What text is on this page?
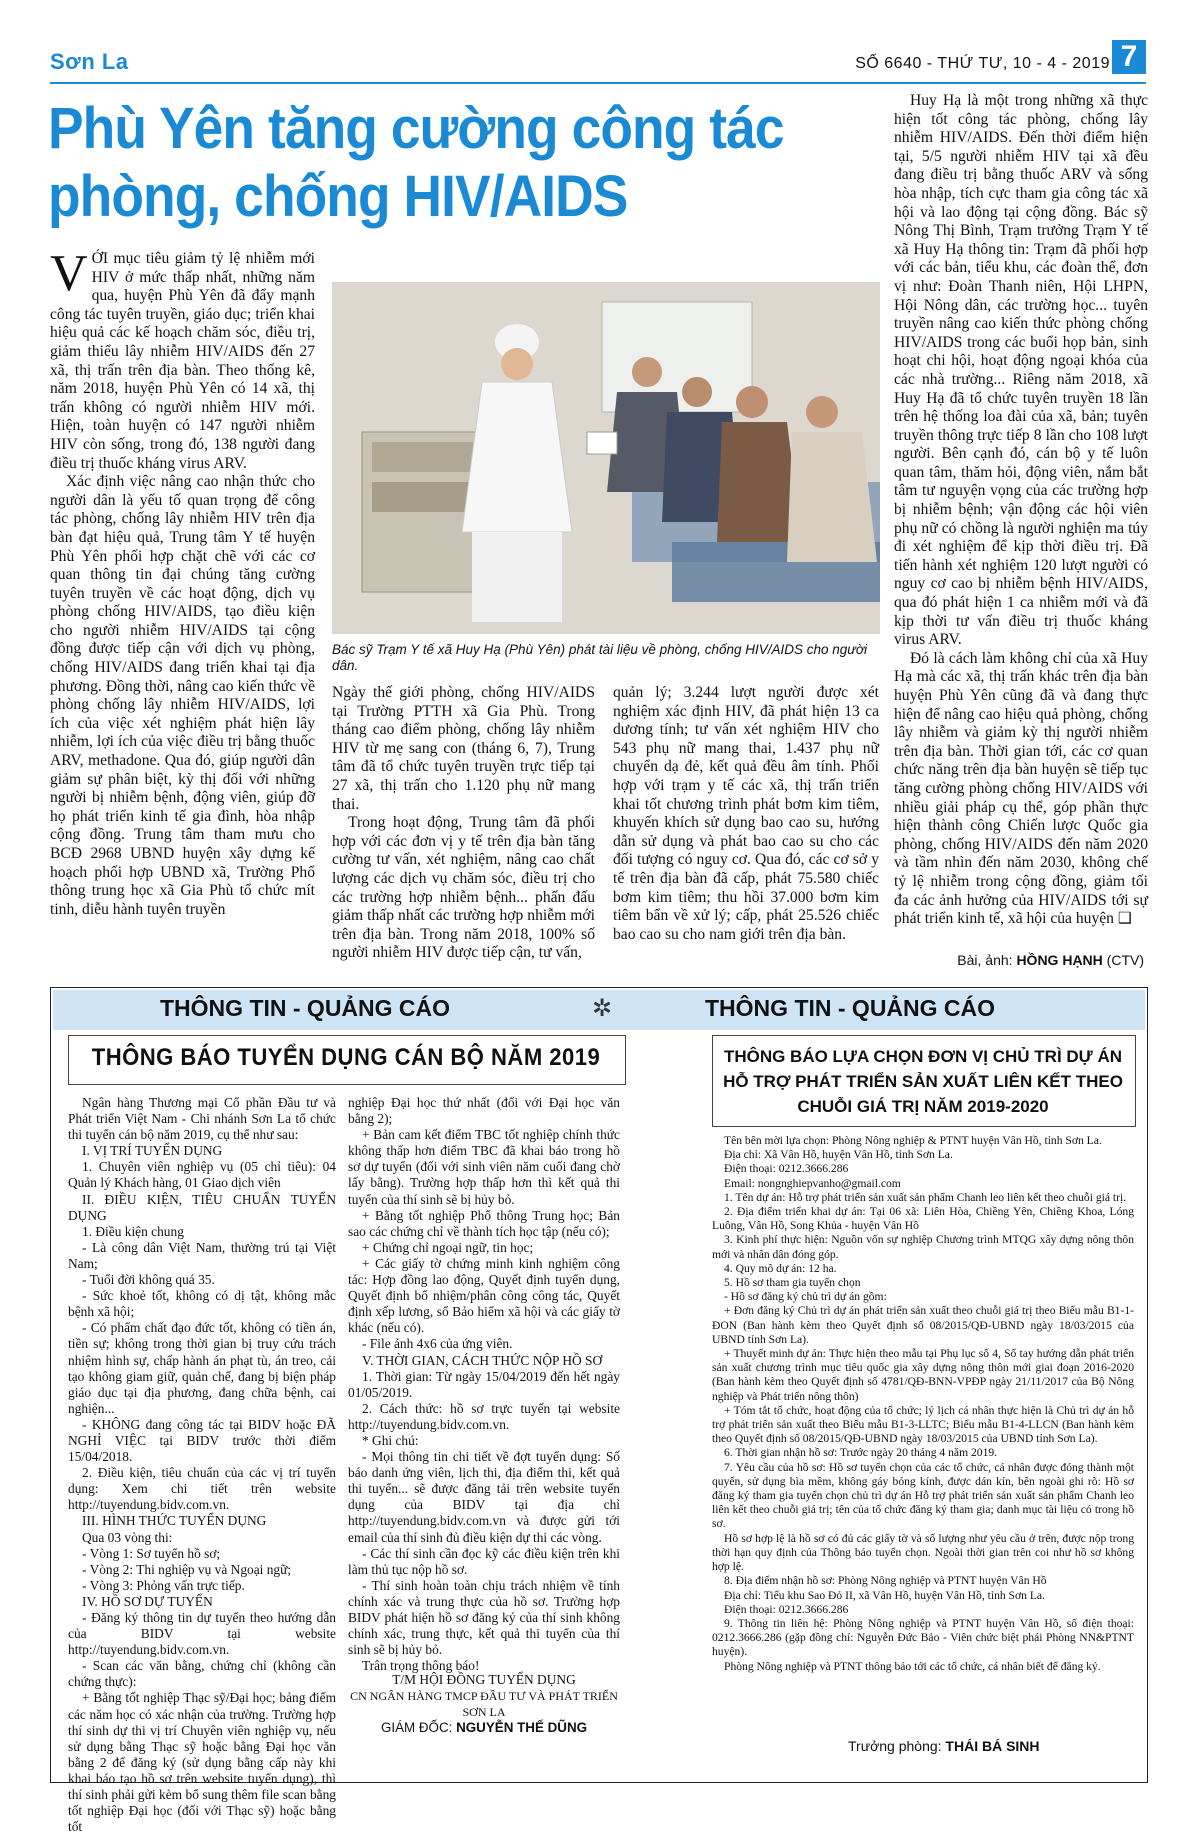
Sơn La	SỐ 6640 - THỨ TƯ, 10 - 4 - 2019 7
Phù Yên tăng cường công tác phòng, chống HIV/AIDS

VỚI mục tiêu giảm tỷ lệ nhiễm mới HIV ở mức thấp nhất, những năm qua, huyện Phù Yên đã đẩy mạnh công tác tuyên truyền, giáo dục; triển khai hiệu quả các kế hoạch chăm sóc, điều trị, giảm thiểu lây nhiễm HIV/AIDS đến 27 xã, thị trấn trên địa bàn. Theo thống kê, năm 2018, huyện Phù Yên có 14 xã, thị trấn không có người nhiễm HIV mới. Hiện, toàn huyện có 147 người nhiễm HIV còn sống, trong đó, 138 người đang điều trị thuốc kháng virus ARV.

Xác định việc nâng cao nhận thức cho người dân là yếu tố quan trọng để công tác phòng, chống lây nhiễm HIV trên địa bàn đạt hiệu quả, Trung tâm Y tế huyện Phù Yên phối hợp chặt chẽ với các cơ quan thông tin đại chúng tăng cường tuyên truyền về các hoạt động, dịch vụ phòng chống HIV/AIDS, tạo điều kiện cho người nhiễm HIV/AIDS tại cộng đồng được tiếp cận với dịch vụ phòng, chống HIV/AIDS đang triển khai tại địa phương. Đồng thời, nâng cao kiến thức về phòng chống lây nhiễm HIV/AIDS, lợi ích của việc xét nghiệm phát hiện lây nhiễm, lợi ích của việc điều trị bằng thuốc ARV, methadone. Qua đó, giúp người dân giảm sự phân biệt, kỳ thị đối với những người bị nhiễm bệnh, động viên, giúp đỡ họ phát triển kinh tế gia đình, hòa nhập cộng đồng. Trung tâm tham mưu cho BCĐ 2968 UBND huyện xây dựng kế hoạch phối hợp UBND xã, Trường Phổ thông trung học xã Gia Phù tổ chức mít tinh, diễu hành tuyên truyền

Bác sỹ Trạm Y tế xã Huy Hạ (Phù Yên) phát tài liệu về phòng, chống HIV/AIDS cho người dân.

Ngày thế giới phòng, chống HIV/AIDS tại Trường PTTH xã Gia Phù. Trong tháng cao điểm phòng, chống lây nhiễm HIV từ mẹ sang con (tháng 6, 7), Trung tâm đã tổ chức tuyên truyền trực tiếp tại 27 xã, thị trấn cho 1.120 phụ nữ mang thai.

Trong hoạt động, Trung tâm đã phối hợp với các đơn vị y tế trên địa bàn tăng cường tư vấn, xét nghiệm, nâng cao chất lượng các dịch vụ chăm sóc, điều trị cho các trường hợp nhiễm bệnh... phấn đấu giảm thấp nhất các trường hợp nhiễm mới trên địa bàn. Trong năm 2018, 100% số người nhiễm HIV được tiếp cận, tư vấn,

quản lý; 3.244 lượt người được xét nghiệm xác định HIV, đã phát hiện 13 ca dương tính; tư vấn xét nghiệm HIV cho 543 phụ nữ mang thai, 1.437 phụ nữ chuyển dạ đẻ, kết quả đều âm tính. Phối hợp với trạm y tế các xã, thị trấn triển khai tốt chương trình phát bơm kim tiêm, khuyến khích sử dụng bao cao su, hướng dẫn sử dụng và phát bao cao su cho các đối tượng có nguy cơ. Qua đó, các cơ sở y tế trên địa bàn đã cấp, phát 75.580 chiếc bơm kim tiêm; thu hồi 37.000 bơm kim tiêm bẩn về xử lý; cấp, phát 25.526 chiếc bao cao su cho nam giới trên địa bàn.

Huy Hạ là một trong những xã thực hiện tốt công tác phòng, chống lây nhiễm HIV/AIDS. Đến thời điểm hiện tại, 5/5 người nhiễm HIV tại xã đều đang điều trị bằng thuốc ARV và sống hòa nhập, tích cực tham gia công tác xã hội và lao động tại cộng đồng. Bác sỹ Nông Thị Bình, Trạm trưởng Trạm Y tế xã Huy Hạ thông tin: Trạm đã phối hợp với các bản, tiểu khu, các đoàn thể, đơn vị như: Đoàn Thanh niên, Hội LHPN, Hội Nông dân, các trường học... tuyên truyền nâng cao kiến thức phòng chống HIV/AIDS trong các buổi họp bản, sinh hoạt chi hội, hoạt động ngoại khóa của các nhà trường... Riêng năm 2018, xã Huy Hạ đã tổ chức tuyên truyền 18 lần trên hệ thống loa đài của xã, bản; tuyên truyền thông trực tiếp 8 lần cho 108 lượt người. Bên cạnh đó, cán bộ y tế luôn quan tâm, thăm hỏi, động viên, nắm bắt tâm tư nguyện vọng của các trường hợp bị nhiễm bệnh; vận động các hội viên phụ nữ có chồng là người nghiện ma túy đi xét nghiệm để kịp thời điều trị. Đã tiến hành xét nghiệm 120 lượt người có nguy cơ cao bị nhiễm bệnh HIV/AIDS, qua đó phát hiện 1 ca nhiễm mới và đã kịp thời tư vấn điều trị thuốc kháng virus ARV.

Đó là cách làm không chỉ của xã Huy Hạ mà các xã, thị trấn khác trên địa bàn huyện Phù Yên cũng đã và đang thực hiện để nâng cao hiệu quả phòng, chống lây nhiễm và giảm kỳ thị người nhiễm trên địa bàn. Thời gian tới, các cơ quan chức năng trên địa bàn huyện sẽ tiếp tục tăng cường phòng chống HIV/AIDS với nhiều giải pháp cụ thể, góp phần thực hiện thành công Chiến lược Quốc gia phòng, chống HIV/AIDS đến năm 2020 và tầm nhìn đến năm 2030, không chế tỷ lệ nhiễm trong cộng đồng, giảm tối đa các ảnh hưởng của HIV/AIDS tới sự phát triển kinh tế, xã hội của huyện ❑

Bài, ảnh: HỒNG HẠNH (CTV)
THÔNG TIN - QUẢNG CÁO	✲	THÔNG TIN - QUẢNG CÁO
THÔNG BÁO TUYỂN DỤNG CÁN BỘ NĂM 2019

Ngân hàng Thương mại Cổ phần Đầu tư và Phát triển Việt Nam - Chi nhánh Sơn La tổ chức thi tuyển cán bộ năm 2019, cụ thể như sau:

I. VỊ TRÍ TUYỂN DỤNG

1. Chuyên viên nghiệp vụ (05 chỉ tiêu): 04 Quản lý Khách hàng, 01 Giao dịch viên

II. ĐIỀU KIỆN, TIÊU CHUẨN TUYỂN DỤNG

1. Điều kiện chung

- Là công dân Việt Nam, thường trú tại Việt Nam;

- Tuổi đời không quá 35.

- Sức khoẻ tốt, không có dị tật, không mắc bệnh xã hội;

- Có phẩm chất đạo đức tốt, không có tiền án, tiền sự; không trong thời gian bị truy cứu trách nhiệm hình sự, chấp hành án phạt tù, án treo, cải tạo không giam giữ, quản chế, đang bị biện pháp giáo dục tại địa phương, đang chữa bệnh, cai nghiện...

- KHÔNG đang công tác tại BIDV hoặc ĐÃ NGHỈ VIỆC tại BIDV trước thời điểm 15/04/2018.

2. Điều kiện, tiêu chuẩn của các vị trí tuyển dụng: Xem chi tiết trên website http://tuyendung.bidv.com.vn.

III. HÌNH THỨC TUYỂN DỤNG

Qua 03 vòng thi:

- Vòng 1: Sơ tuyển hồ sơ;

- Vòng 2: Thi nghiệp vụ và Ngoại ngữ;

- Vòng 3: Phỏng vấn trực tiếp.

IV. HỒ SƠ DỰ TUYỂN

- Đăng ký thông tin dự tuyển theo hướng dẫn của BIDV tại website http://tuyendung.bidv.com.vn.

- Scan các văn bằng, chứng chỉ (không cần chứng thực):

+ Bằng tốt nghiệp Thạc sỹ/Đại học; bảng điểm các năm học có xác nhận của trường. Trường hợp thí sinh dự thi vị trí Chuyên viên nghiệp vụ, nếu sử dụng bằng Thạc sỹ hoặc bằng Đại học văn bằng 2 để đăng ký (sử dụng bằng cấp này khi khai báo tạo hồ sơ trên website tuyển dụng), thì thí sinh phải gửi kèm bổ sung thêm file scan bằng tốt nghiệp Đại học (đối với Thạc sỹ) hoặc bằng tốt

nghiệp Đại học thứ nhất (đối với Đại học văn bằng 2);

+ Bản cam kết điểm TBC tốt nghiệp chính thức không thấp hơn điểm TBC đã khai báo trong hồ sơ dự tuyển (đối với sinh viên năm cuối đang chờ lấy bằng). Trường hợp thấp hơn thì kết quả thi tuyển của thí sinh sẽ bị hủy bỏ.

+ Bằng tốt nghiệp Phổ thông Trung học; Bản sao các chứng chỉ về thành tích học tập (nếu có);

+ Chứng chỉ ngoại ngữ, tin học;

+ Các giấy tờ chứng minh kinh nghiệm công tác: Hợp đồng lao động, Quyết định tuyển dụng, Quyết định bổ nhiệm/phân công công tác, Quyết định xếp lương, sổ Bảo hiểm xã hội và các giấy tờ khác (nếu có).

- File ảnh 4x6 của ứng viên.

V. THỜI GIAN, CÁCH THỨC NỘP HỒ SƠ

1. Thời gian: Từ ngày 15/04/2019 đến hết ngày 01/05/2019.

2. Cách thức: hồ sơ trực tuyến tại website http://tuyendung.bidv.com.vn.

* Ghi chú:

- Mọi thông tin chi tiết về đợt tuyển dụng: Số báo danh ứng viên, lịch thi, địa điểm thi, kết quả thi tuyển... sẽ được đăng tải trên website tuyển dụng của BIDV tại địa chỉ http://tuyendung.bidv.com.vn và được gửi tới email của thí sinh đủ điều kiện dự thi các vòng.

- Các thí sinh cần đọc kỹ các điều kiện trên khi làm thủ tục nộp hồ sơ.

- Thí sinh hoàn toàn chịu trách nhiệm về tính chính xác và trung thực của hồ sơ. Trường hợp BIDV phát hiện hồ sơ đăng ký của thí sinh không chính xác, trung thực, kết quả thi tuyển của thí sinh sẽ bị hủy bỏ.

Trân trọng thông báo!

T/M HỘI ĐỒNG TUYỂN DỤNG

CN NGÂN HÀNG TMCP ĐẦU TƯ VÀ PHÁT TRIỂN SƠN LA

GIÁM ĐỐC: NGUYỄN THẾ DŨNG

THÔNG BÁO LỰA CHỌN ĐƠN VỊ CHỦ TRÌ DỰ ÁN HỖ TRỢ PHÁT TRIỂN SẢN XUẤT LIÊN KẾT THEO CHUỖI GIÁ TRỊ NĂM 2019-2020

Tên bên mời lựa chọn: Phòng Nông nghiệp & PTNT huyện Vân Hồ, tỉnh Sơn La.

Địa chỉ: Xã Vân Hồ, huyện Vân Hồ, tỉnh Sơn La.

Điện thoại: 0212.3666.286

Email: nongnghiepvanho@gmail.com

1. Tên dự án: Hỗ trợ phát triển sản xuất sản phẩm Chanh leo liên kết theo chuỗi giá trị.

2. Địa điểm triển khai dự án: Tại 06 xã: Liên Hòa, Chiềng Yên, Chiềng Khoa, Lóng Luông, Vân Hồ, Song Khủa - huyện Vân Hồ

3. Kinh phí thực hiện: Nguồn vốn sự nghiệp Chương trình MTQG xây dựng nông thôn mới và nhân dân đóng góp.

4. Quy mô dự án: 12 ha.

5. Hồ sơ tham gia tuyển chọn

- Hồ sơ đăng ký chủ trì dự án gồm:

+ Đơn đăng ký Chủ trì dự án phát triển sản xuất theo chuỗi giá trị theo Biểu mẫu B1-1-ĐON (Ban hành kèm theo Quyết định số 08/2015/QĐ-UBND ngày 18/03/2015 của UBND tỉnh Sơn La).

+ Thuyết minh dự án: Thực hiện theo mẫu tại Phụ lục số 4, Sổ tay hướng dẫn phát triển sản xuất chương trình mục tiêu quốc gia xây dựng nông thôn mới giai đoạn 2016-2020 (Ban hành kèm theo Quyết định số 4781/QĐ-BNN-VPĐP ngày 21/11/2017 của Bộ Nông nghiệp và Phát triển nông thôn)

+ Tóm tắt tổ chức, hoạt động của tổ chức; lý lịch cá nhân thực hiện là Chủ trì dự án hỗ trợ phát triển sản xuất theo Biểu mẫu B1-3-LLTC; Biểu mẫu B1-4-LLCN (Ban hành kèm theo Quyết định số 08/2015/QĐ-UBND ngày 18/03/2015 của UBND tỉnh Sơn La).

6. Thời gian nhận hồ sơ: Trước ngày 20 tháng 4 năm 2019.

7. Yêu cầu của hồ sơ: Hồ sơ tuyển chọn của các tổ chức, cá nhân được đóng thành một quyển, sử dụng bìa mềm, không gáy bóng kính, được dán kín, bên ngoài ghi rõ: Hồ sơ đăng ký tham gia tuyển chọn chủ trì dự án Hỗ trợ phát triển sản xuất sản phẩm Chanh leo liên kết theo chuỗi giá trị; tên của tổ chức đăng ký tham gia; danh mục tài liệu có trong hồ sơ.

Hồ sơ hợp lệ là hồ sơ có đủ các giấy tờ và số lượng như yêu cầu ở trên, được nộp trong thời hạn quy định của Thông báo tuyển chọn. Ngoài thời gian trên coi như hồ sơ không hợp lệ.

8. Địa điểm nhận hồ sơ: Phòng Nông nghiệp và PTNT huyện Vân Hồ

Địa chỉ: Tiểu khu Sao Đỏ II, xã Vân Hồ, huyện Vân Hồ, tỉnh Sơn La.

Điện thoại: 0212.3666.286

9. Thông tin liên hệ: Phòng Nông nghiệp và PTNT huyện Vân Hồ, số điện thoại: 0212.3666.286 (gặp đồng chí: Nguyễn Đức Bảo - Viên chức biệt phái Phòng NN&PTNT huyện).

Phòng Nông nghiệp và PTNT thông báo tới các tổ chức, cá nhân biết để đăng ký.

Trưởng phòng: THÁI BÁ SINH
